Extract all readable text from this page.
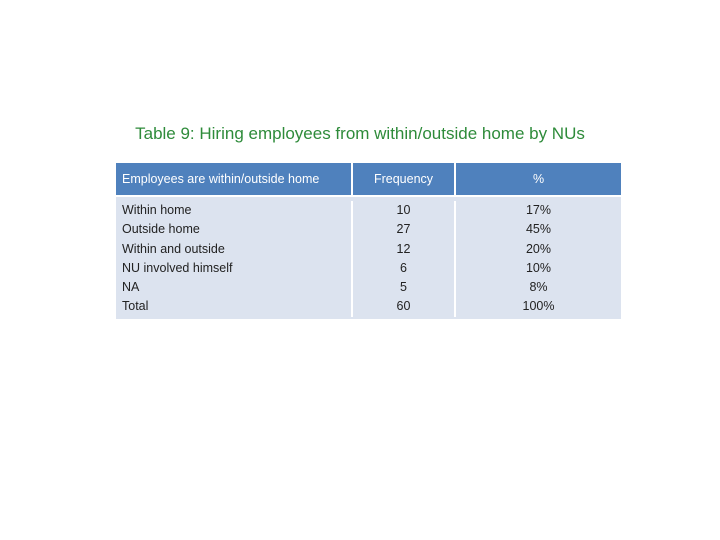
Table 9: Hiring employees from within/outside home by NUs
Employees are within/outside home	Frequency	%
Within home	10	17%
Outside home	27	45%
Within and outside	12	20%
NU involved himself	6	10%
NA	5	8%
Total	60	100%
